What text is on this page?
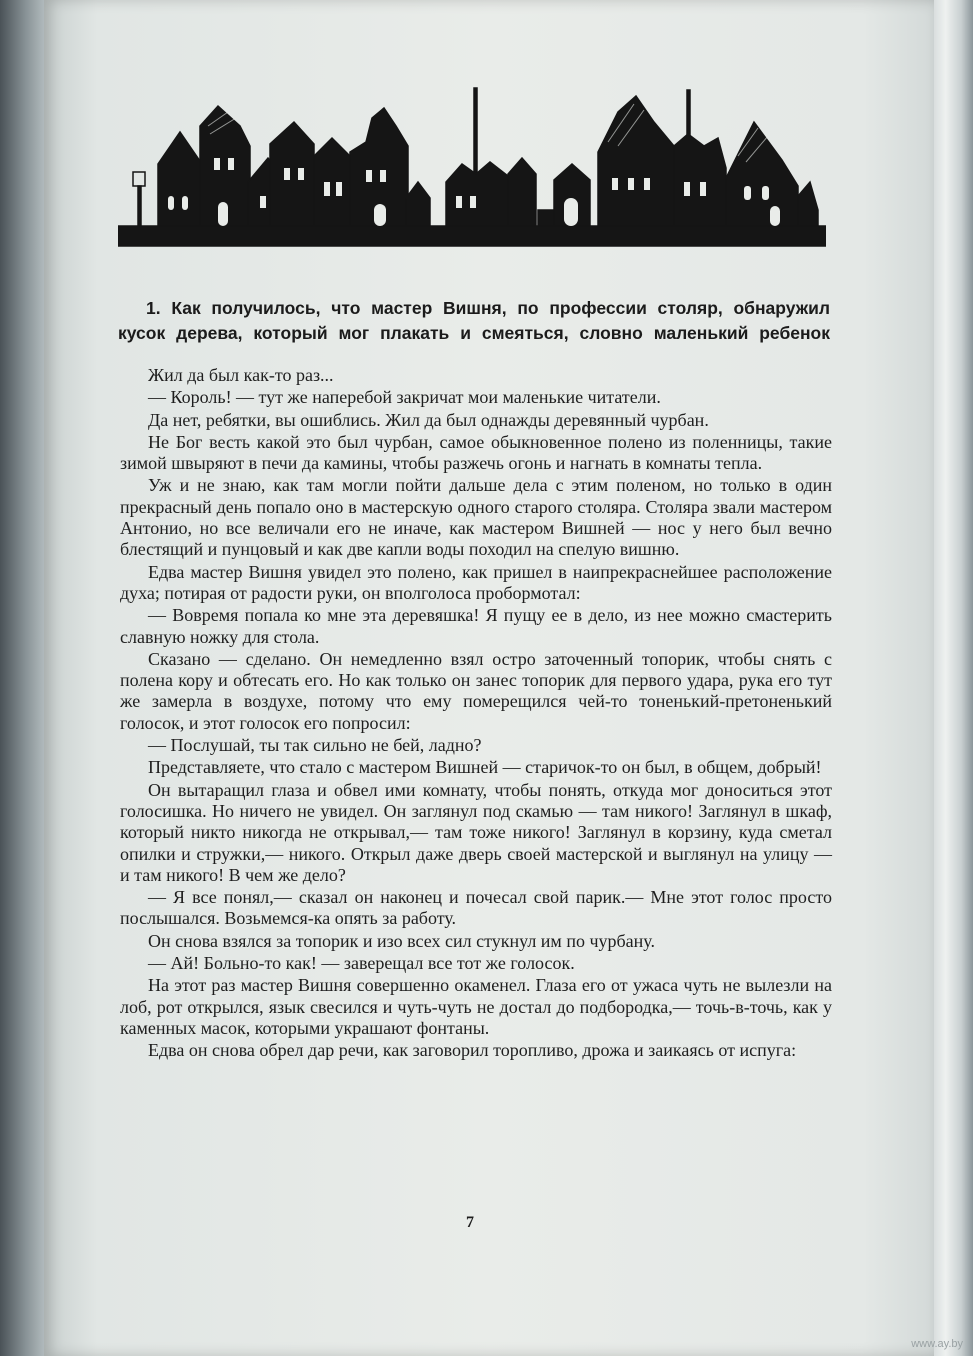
1. Как получилось, что мастер Вишня, по профессии столяр, обнаружил
кусок дерева, который мог плакать и смеяться, словно маленький ребенок

Жил да был как-то раз...

— Король! — тут же наперебой закричат мои маленькие читатели.

Да нет, ребятки, вы ошиблись. Жил да был однажды деревянный чурбан.

Не Бог весть какой это был чурбан, самое обыкновенное полено из поленницы, такие зимой швыряют в печи да камины, чтобы разжечь огонь и нагнать в комнаты тепла.

Уж и не знаю, как там могли пойти дальше дела с этим поленом, но только в один прекрасный день попало оно в мастерскую одного старого столяра. Столяра звали мастером Антонио, но все величали его не иначе, как мастером Вишней — нос у него был вечно блестящий и пунцовый и как две капли воды походил на спелую вишню.

Едва мастер Вишня увидел это полено, как пришел в наипрекраснейшее расположение духа; потирая от радости руки, он вполголоса пробормотал:

— Вовремя попала ко мне эта деревяшка! Я пущу ее в дело, из нее можно смастерить славную ножку для стола.

Сказано — сделано. Он немедленно взял остро заточенный топорик, чтобы снять с полена кору и обтесать его. Но как только он занес топорик для первого удара, рука его тут же замерла в воздухе, потому что ему померещился чей-то тоненький-претоненький голосок, и этот голосок его попросил:

— Послушай, ты так сильно не бей, ладно?

Представляете, что стало с мастером Вишней — старичок-то он был, в общем, добрый!

Он вытаращил глаза и обвел ими комнату, чтобы понять, откуда мог доноситься этот голосишка. Но ничего не увидел. Он заглянул под скамью — там никого! Заглянул в шкаф, который никто никогда не открывал,— там тоже никого! Заглянул в корзину, куда сметал опилки и стружки,— никого. Открыл даже дверь своей мастерской и выглянул на улицу — и там никого! В чем же дело?

— Я все понял,— сказал он наконец и почесал свой парик.— Мне этот голос просто послышался. Возьмемся-ка опять за работу.

Он снова взялся за топорик и изо всех сил стукнул им по чурбану.

— Ай! Больно-то как! — заверещал все тот же голосок.

На этот раз мастер Вишня совершенно окаменел. Глаза его от ужаса чуть не вылезли на лоб, рот открылся, язык свесился и чуть-чуть не достал до подбородка,— точь-в-точь, как у каменных масок, которыми украшают фонтаны.

Едва он снова обрел дар речи, как заговорил торопливо, дрожа и заикаясь от испуга:

7
www.ay.by
